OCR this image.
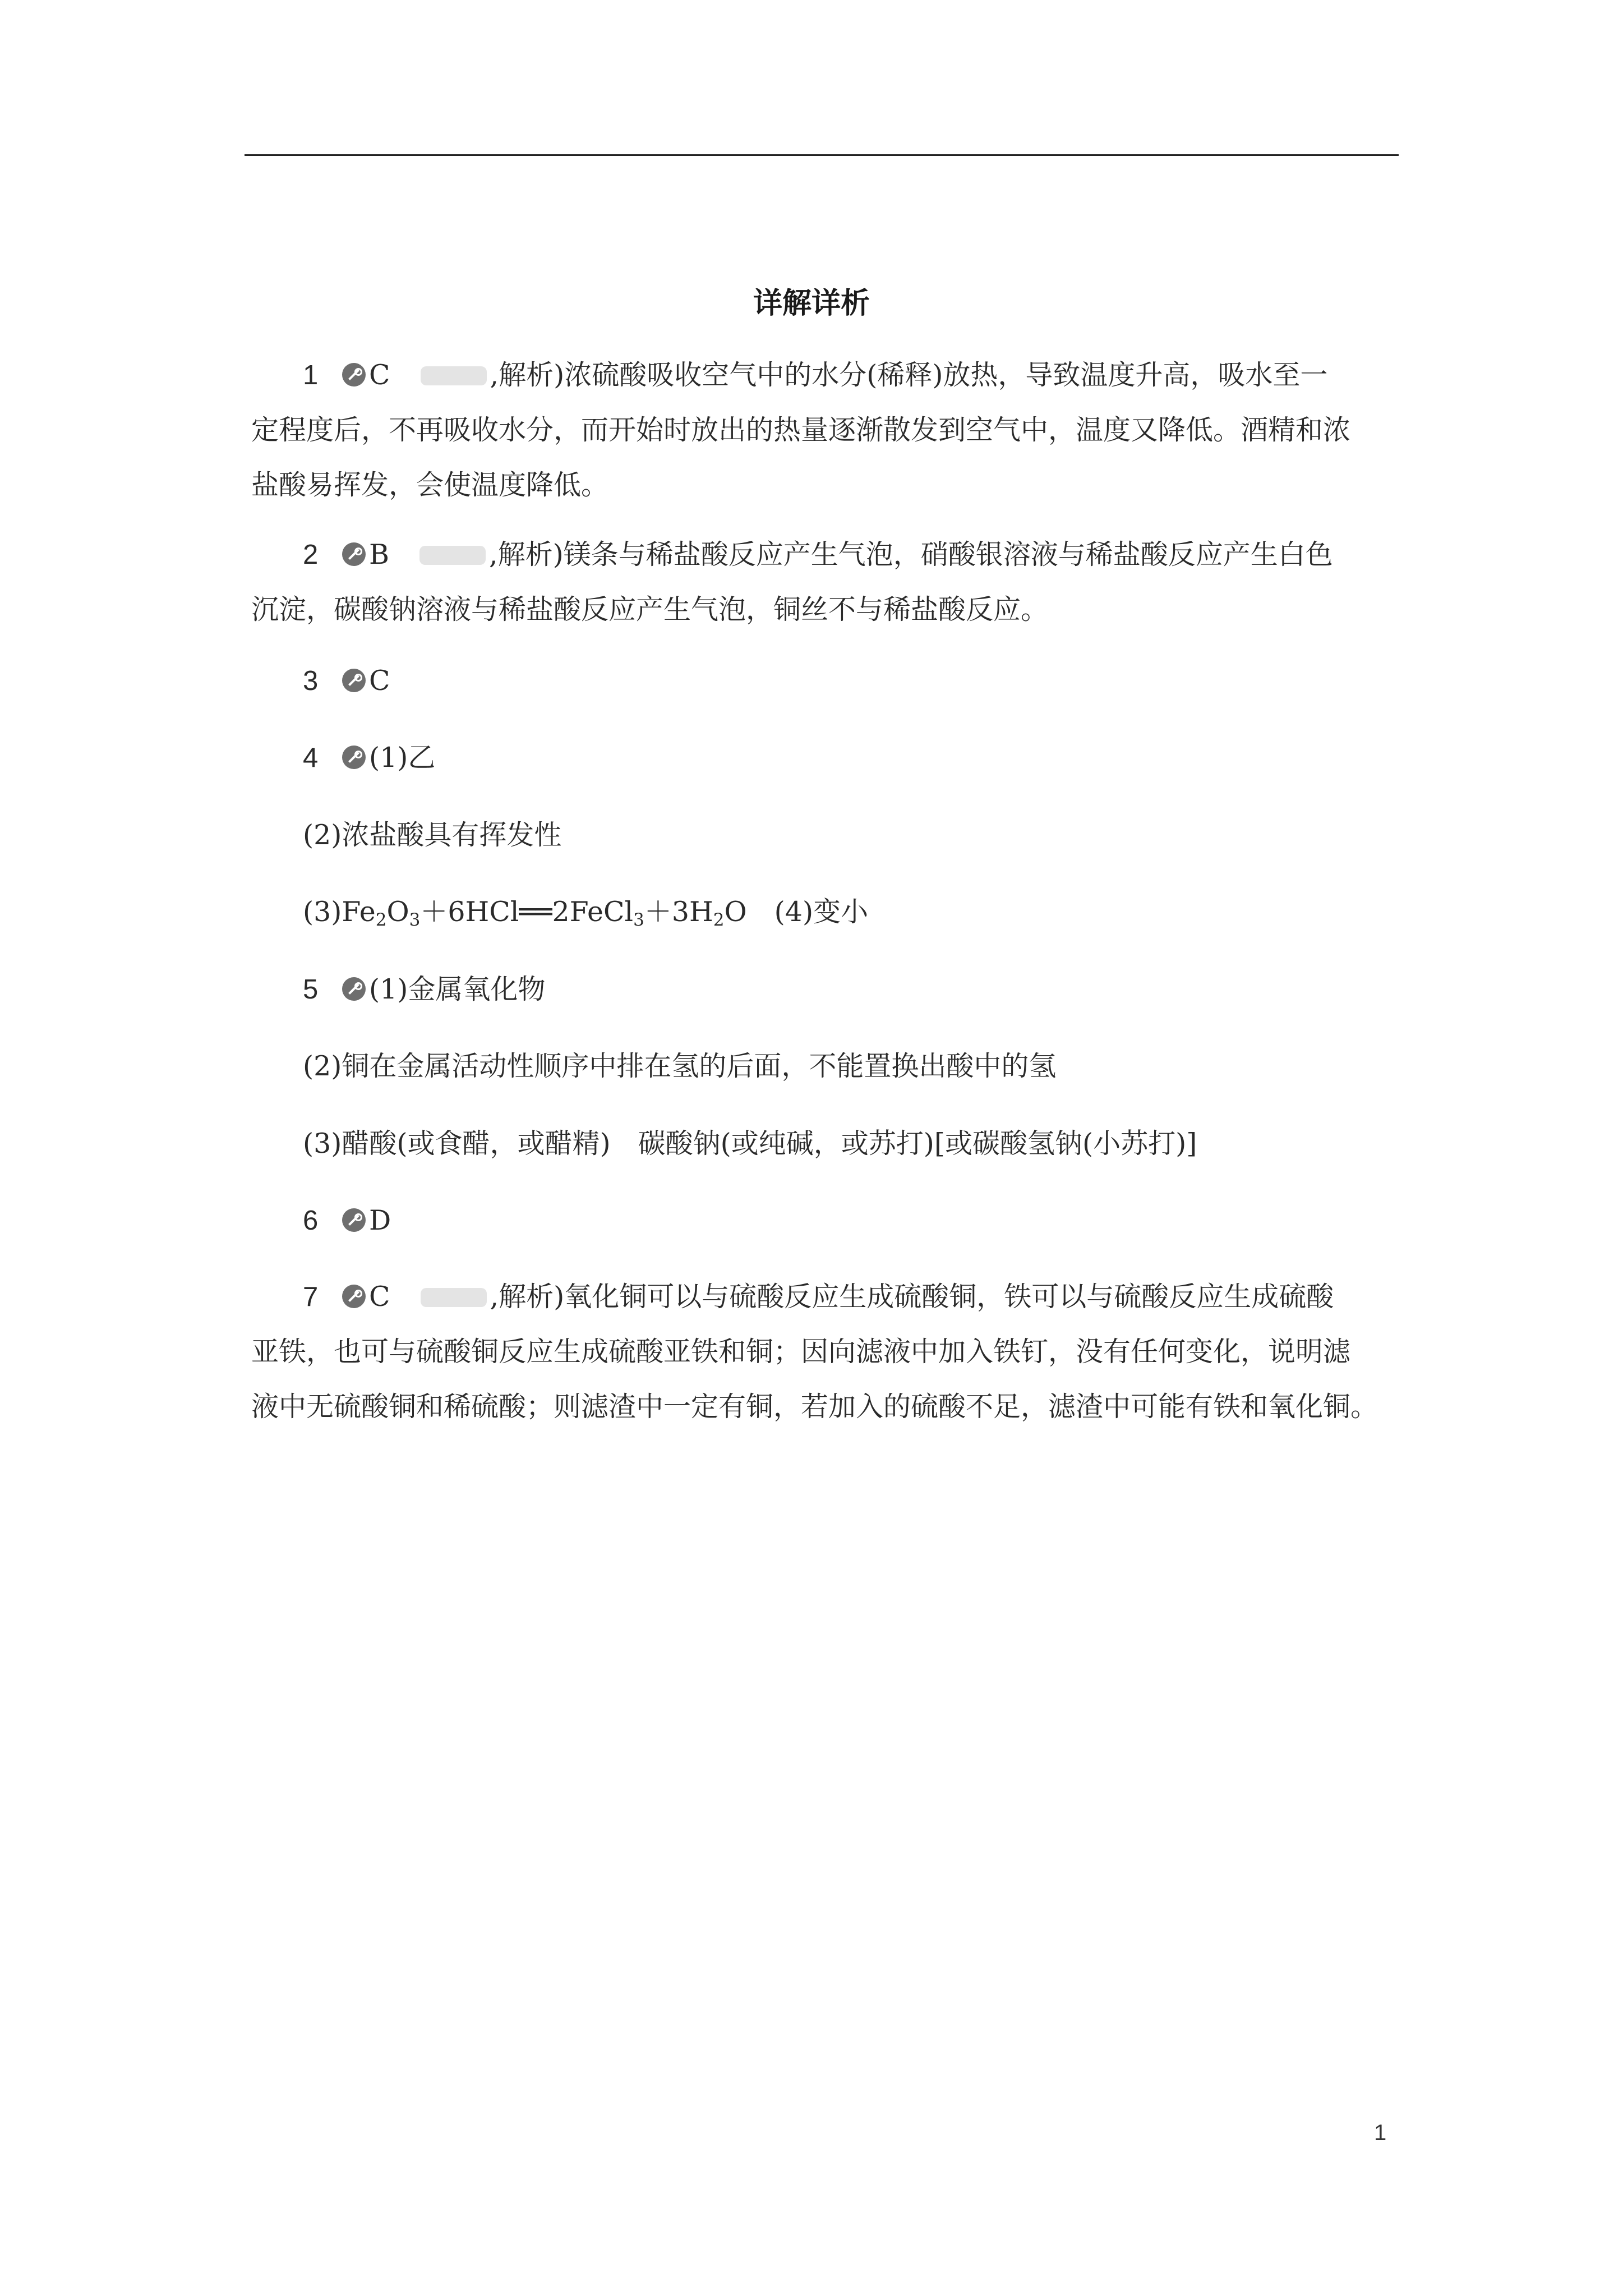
详解详析
1 C	,解析)浓硫酸吸收空气中的水分(稀释)放热，导致温度升高，吸水至一
定程度后，不再吸收水分，而开始时放出的热量逐渐散发到空气中，温度又降低。酒精和浓
盐酸易挥发，会使温度降低。
2 B	,解析)镁条与稀盐酸反应产生气泡，硝酸银溶液与稀盐酸反应产生白色
沉淀，碳酸钠溶液与稀盐酸反应产生气泡，铜丝不与稀盐酸反应。
3 C
4 (1)乙
(2)浓盐酸具有挥发性
$(3)Fe_2O_3+6HCl══2FeCl_3+3H_2O$　(4)变小
5 (1)金属氧化物
(2)铜在金属活动性顺序中排在氢的后面，不能置换出酸中的氢
(3)醋酸(或食醋，或醋精)　碳酸钠(或纯碱，或苏打)[或碳酸氢钠(小苏打)]
6 D
7 C	,解析)氧化铜可以与硫酸反应生成硫酸铜，铁可以与硫酸反应生成硫酸
亚铁，也可与硫酸铜反应生成硫酸亚铁和铜；因向滤液中加入铁钉，没有任何变化，说明滤
液中无硫酸铜和稀硫酸；则滤渣中一定有铜，若加入的硫酸不足，滤渣中可能有铁和氧化铜。
1
